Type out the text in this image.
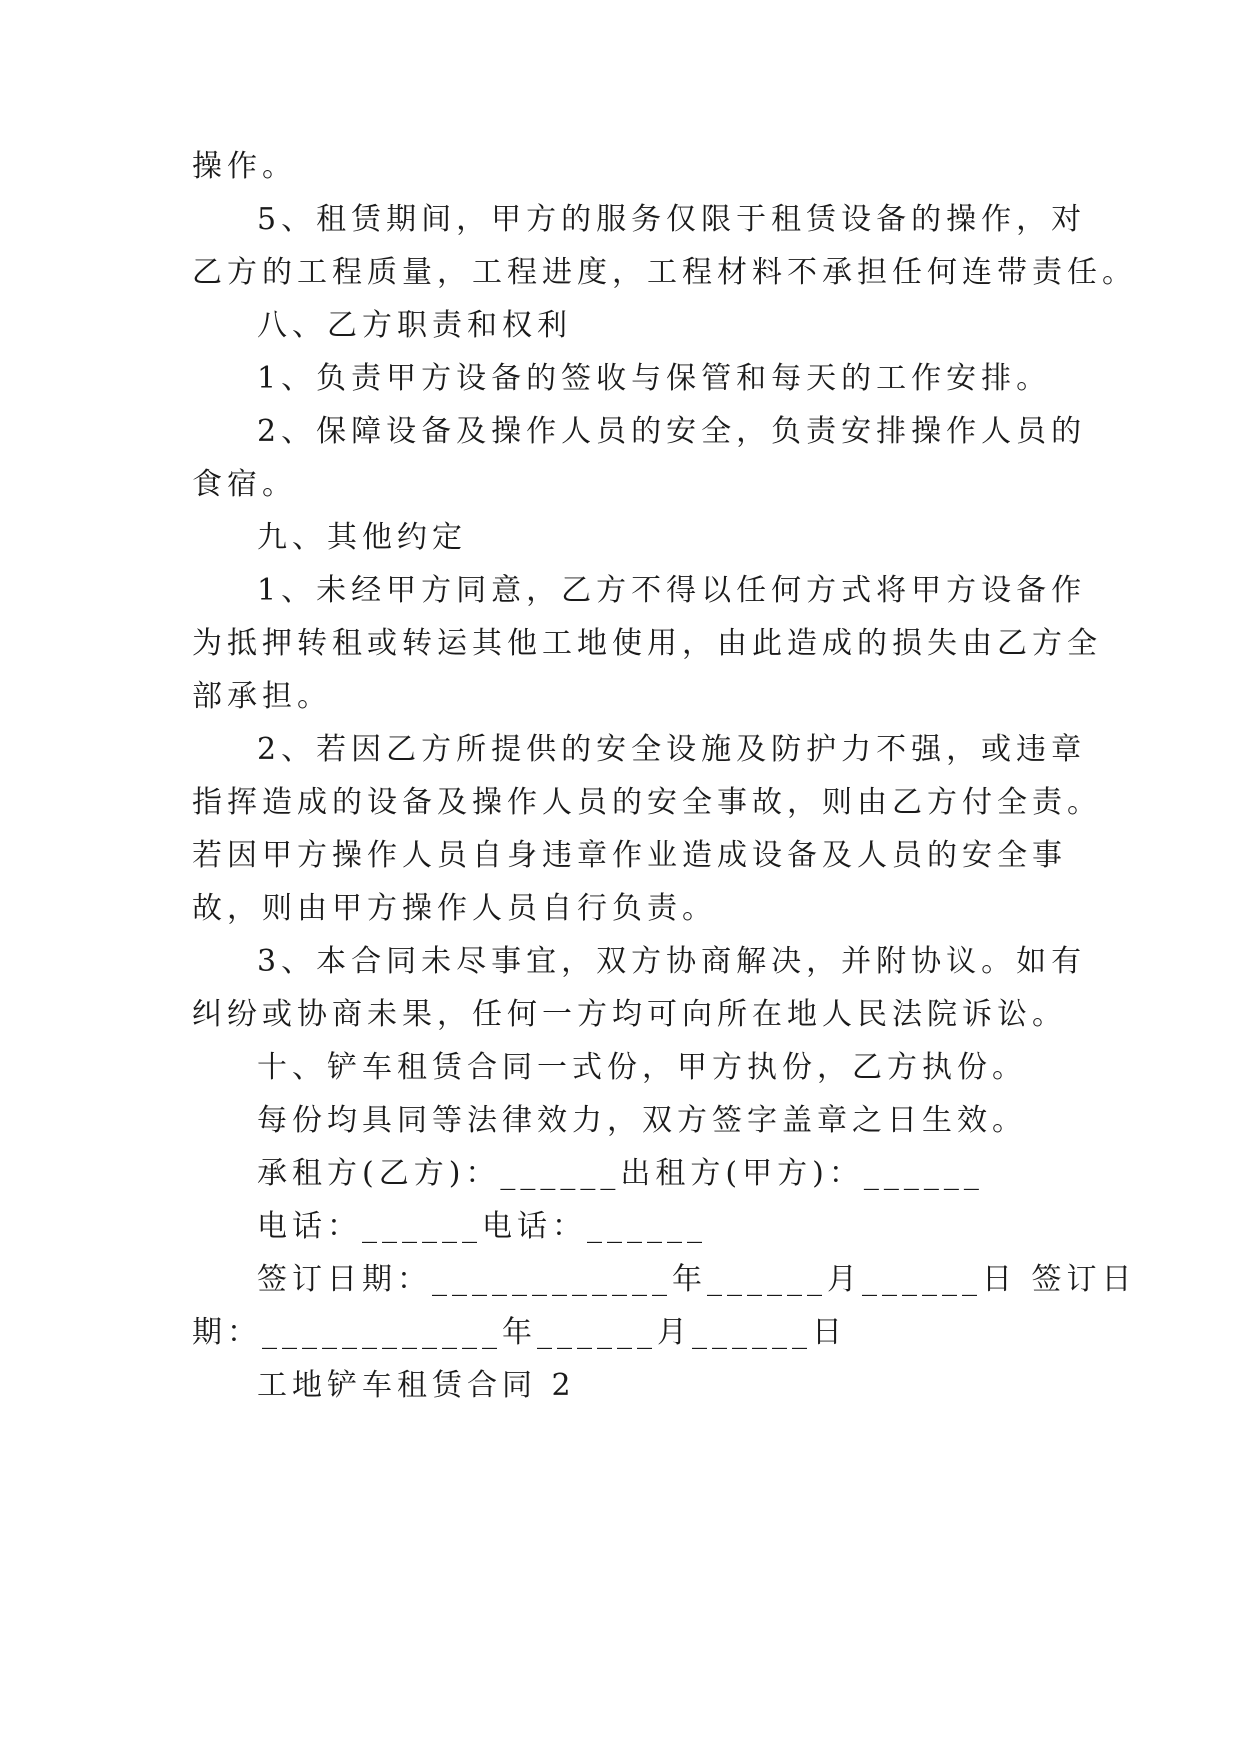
操作。
5、租赁期间，甲方的服务仅限于租赁设备的操作，对
乙方的工程质量，工程进度，工程材料不承担任何连带责任。
八、乙方职责和权利
1、负责甲方设备的签收与保管和每天的工作安排。
2、保障设备及操作人员的安全，负责安排操作人员的
食宿。
九、其他约定
1、未经甲方同意，乙方不得以任何方式将甲方设备作
为抵押转租或转运其他工地使用，由此造成的损失由乙方全
部承担。
2、若因乙方所提供的安全设施及防护力不强，或违章
指挥造成的设备及操作人员的安全事故，则由乙方付全责。
若因甲方操作人员自身违章作业造成设备及人员的安全事
故，则由甲方操作人员自行负责。
3、本合同未尽事宜，双方协商解决，并附协议。如有
纠纷或协商未果，任何一方均可向所在地人民法院诉讼。
十、铲车租赁合同一式份，甲方执份，乙方执份。
每份均具同等法律效力，双方签字盖章之日生效。
承租方(乙方)：______出租方(甲方)：______
电话：______电话：______
签订日期：____________年______月______日 签订日
期：____________年______月______日
工地铲车租赁合同 2
